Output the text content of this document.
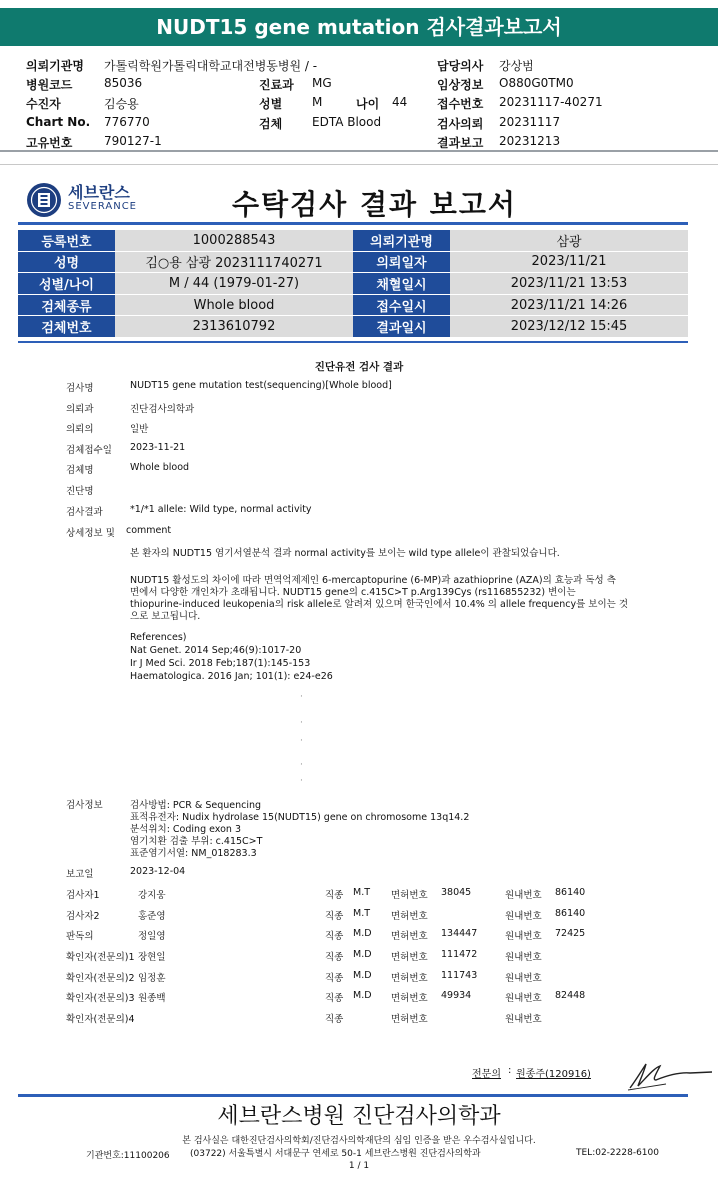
NUDT15 gene mutation 검사결과보고서
의뢰기관명 가톨릭학원가톨릭대학교대전병동병원 / -	담당의사 강상범
병원코드	85036	진료과 MG	임상정보 O880G0TM0
수진자	김승용	성별 M	나이 44 접수번호 20231117-40271
Chart No. 776770	검체 EDTA Blood	검사의뢰 20231117
고유번호	790127-1	결과보고 20231213
세브란스
SEVERANCE	수탁검사 결과 보고서
등록번호	1000288543	의뢰기관명	삼광
성명	김○용 삼광 2023111740271	의뢰일자	2023/11/21
성별/나이	M / 44 (1979-01-27)	채혈일시	2023/11/21 13:53
검체종류	Whole blood	접수일시	2023/11/21 14:26
검체번호	2313610792	결과일시	2023/12/12 15:45
진단유전 검사 결과
검사명	NUDT15 gene mutation test(sequencing)[Whole blood]
의뢰과	진단검사의학과
의뢰의	일반
검체접수일 2023-11-21
검체명	Whole blood
진단명
검사결과	*1/*1 allele: Wild type, normal activity
상세정보 및 comment
본 환자의 NUDT15 염기서열분석 결과 normal activity를 보이는 wild type allele이 관찰되었습니다.
NUDT15 활성도의 차이에 따라 면역억제제인 6-mercaptopurine (6-MP)과 azathioprine (AZA)의 효능과 독성 측
면에서 다양한 개인차가 초래됩니다. NUDT15 gene의 c.415C>T p.Arg139Cys (rs116855232) 변이는
thiopurine-induced leukopenia의 risk allele로 알려져 있으며 한국인에서 10.4% 의 allele frequency를 보이는 것
으로 보고됩니다.
References)
Nat Genet. 2014 Sep;46(9):1017-20
Ir J Med Sci. 2018 Feb;187(1):145-153
Haematologica. 2016 Jan; 101(1): e24-e26
·
·
·
·
·
검사정보	검사방법: PCR & Sequencing
표적유전자: Nudix hydrolase 15(NUDT15) gene on chromosome 13q14.2
분석위치: Coding exon 3
염기치환 검출 부위: c.415C>T
표준염기서열: NM_018283.3
보고일	2023-12-04
검사자1	강지웅	직종 M.T 면허번호 38045	원내번호 86140
검사자2	홍준영	직종 M.T 면허번호	원내번호 86140
판독의	정일영	직종 M.D 면허번호 134447	원내번호 72425
확인자(전문의)1 장현일	직종 M.D 면허번호 111472	원내번호
확인자(전문의)2 임정훈	직종 M.D 면허번호 111743	원내번호
확인자(전문의)3 원종백	직종 M.D 면허번호 49934	원내번호 82448
확인자(전문의)4	직종	면허번호	원내번호
전문의 : 원종주(120916)
세브란스병원 진단검사의학과
본 검사실은 대한진단검사의학회/진단검사의학재단의 심임 인증을 받은 우수검사실입니다.
기관번호:11100206 (03722) 서울특별시 서대문구 연세로 50-1 세브란스병원 진단검사의학과	TEL:02-2228-6100
1 / 1
